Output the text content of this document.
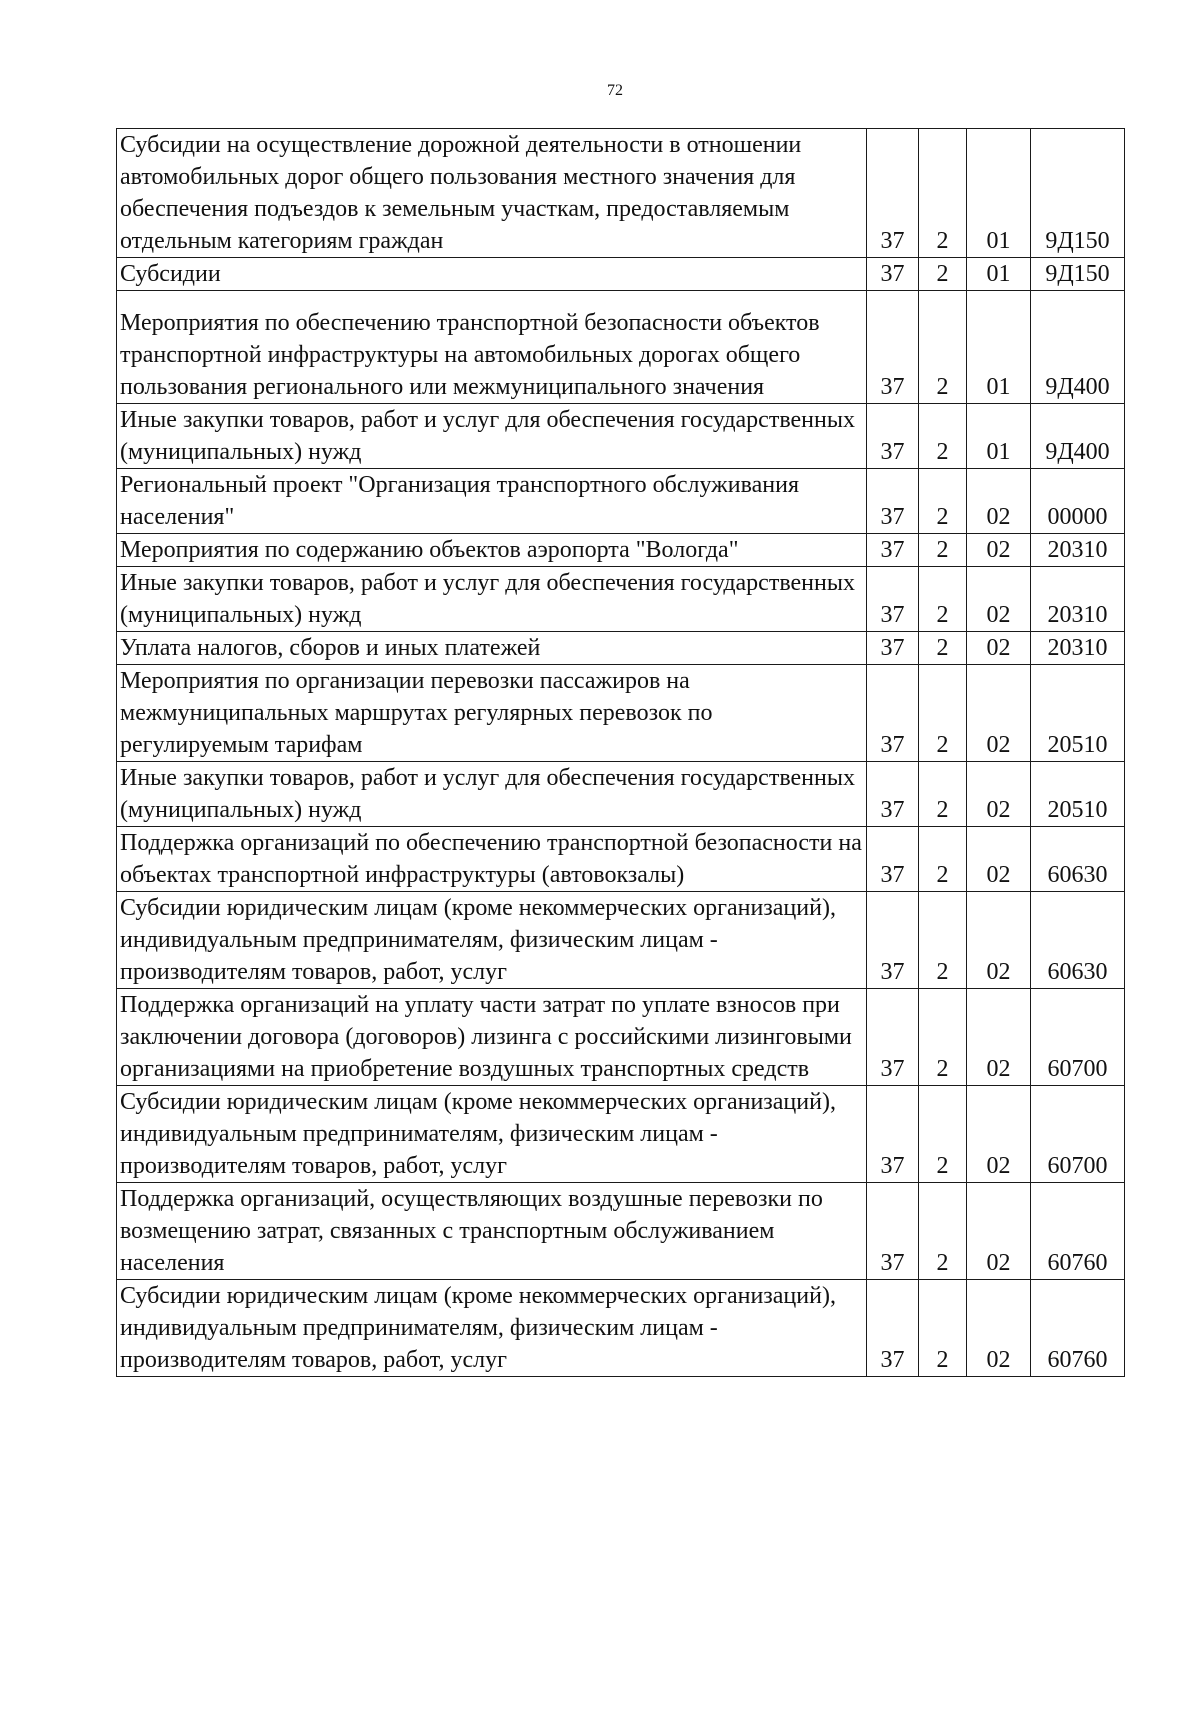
72
Субсидии на осуществление дорожной деятельности в отношении автомобильных дорог общего пользования местного значения для обеспечения подъездов к земельным участкам, предоставляемым отдельным категориям граждан	37	2	01	9Д150
Субсидии	37	2	01	9Д150
Мероприятия по обеспечению транспортной безопасности объектов транспортной инфраструктуры на автомобильных дорогах общего пользования регионального или межмуниципального значения	37	2	01	9Д400
Иные закупки товаров, работ и услуг для обеспечения государственных (муниципальных) нужд	37	2	01	9Д400
Региональный проект "Организация транспортного обслуживания населения"	37	2	02	00000
Мероприятия по содержанию объектов аэропорта "Вологда"	37	2	02	20310
Иные закупки товаров, работ и услуг для обеспечения государственных (муниципальных) нужд	37	2	02	20310
Уплата налогов, сборов и иных платежей	37	2	02	20310
Мероприятия по организации перевозки пассажиров на межмуниципальных маршрутах регулярных перевозок по регулируемым тарифам	37	2	02	20510
Иные закупки товаров, работ и услуг для обеспечения государственных (муниципальных) нужд	37	2	02	20510
Поддержка организаций по обеспечению транспортной безопасности на объектах транспортной инфраструктуры (автовокзалы)	37	2	02	60630
Субсидии юридическим лицам (кроме некоммерческих организаций), индивидуальным предпринимателям, физическим лицам - производителям товаров, работ, услуг	37	2	02	60630
Поддержка организаций на уплату части затрат по уплате взносов при заключении договора (договоров) лизинга с российскими лизинговыми организациями на приобретение воздушных транспортных средств	37	2	02	60700
Субсидии юридическим лицам (кроме некоммерческих организаций), индивидуальным предпринимателям, физическим лицам - производителям товаров, работ, услуг	37	2	02	60700
Поддержка организаций, осуществляющих воздушные перевозки по возмещению затрат, связанных с транспортным обслуживанием населения	37	2	02	60760
Субсидии юридическим лицам (кроме некоммерческих организаций), индивидуальным предпринимателям, физическим лицам - производителям товаров, работ, услуг	37	2	02	60760
